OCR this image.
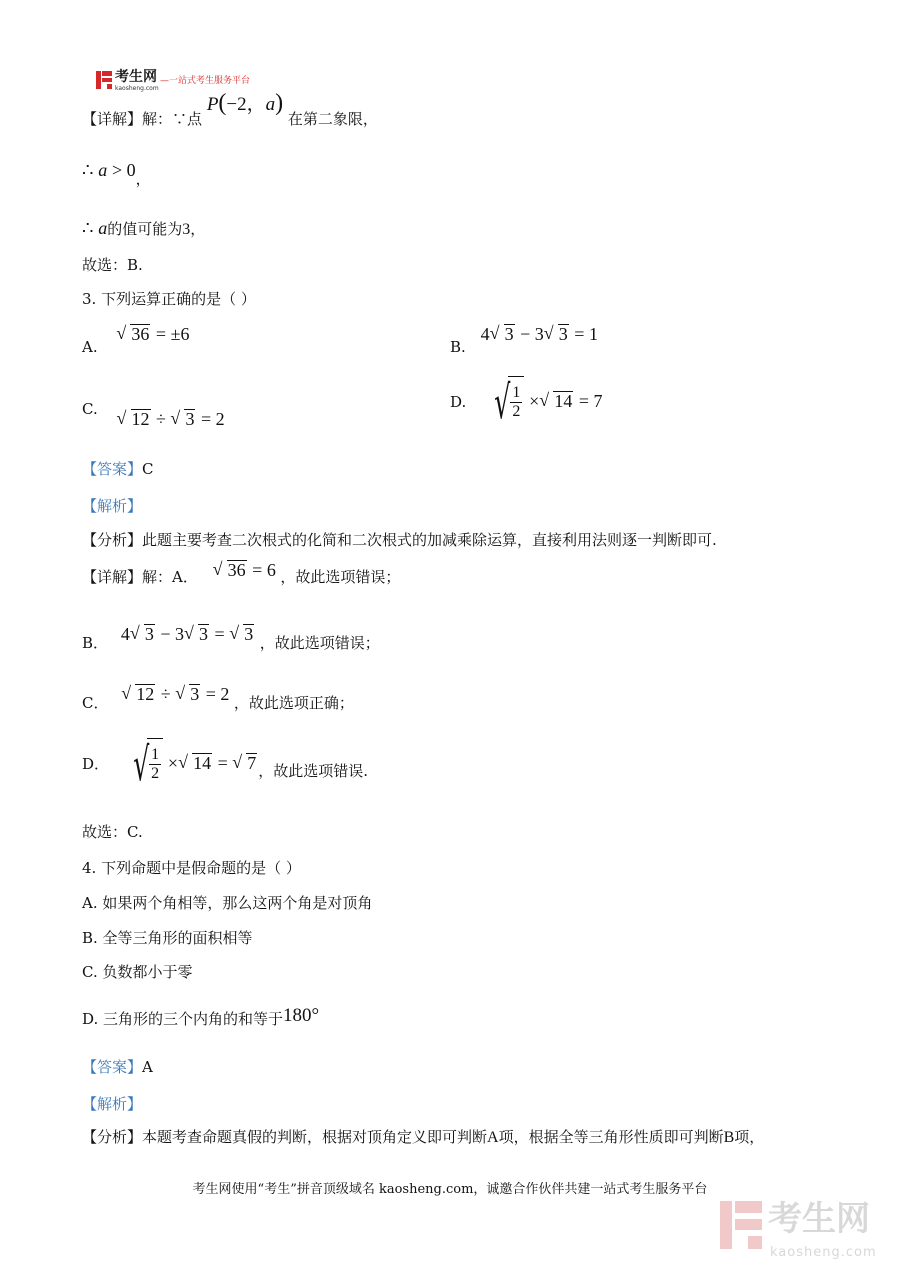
考生网
kaosheng.com
—一站式考生服务平台
【详解】解：∵点 P(−2，a) 在第二象限，
∴ a > 0，
∴ a的值可能为3，
故选：B.
3. 下列运算正确的是（ ）
A. √ 36 = ±6
B. 4 √ 3 − 3 √ 3 = 1
C. √ 12 ÷ √ 3 = 2
D. √ $\frac{1}{2}$ × √ 14 = 7
【答案】C
【解析】
【分析】此题主要考查二次根式的化简和二次根式的加减乘除运算，直接利用法则逐一判断即可.
【详解】解：A． √ 36 = 6 ，故此选项错误；
B． 4 √ 3 − 3 √ 3 = √ 3 ，故此选项错误；
C． √ 12 ÷ √ 3 = 2 ，故此选项正确；
D． √ $\frac{1}{2}$ × √ 14 = √ 7 ，故此选项错误.
故选：C.
4. 下列命题中是假命题的是（ ）
A. 如果两个角相等，那么这两个角是对顶角
B. 全等三角形的面积相等
C. 负数都小于零
D. 三角形的三个内角的和等于180°
【答案】A
【解析】
【分析】本题考查命题真假的判断，根据对顶角定义即可判断A项，根据全等三角形性质即可判断B项，
考生网使用“考生”拼音顶级域名 kaosheng.com，诚邀合作伙伴共建一站式考生服务平台
考生网
kaosheng.com
